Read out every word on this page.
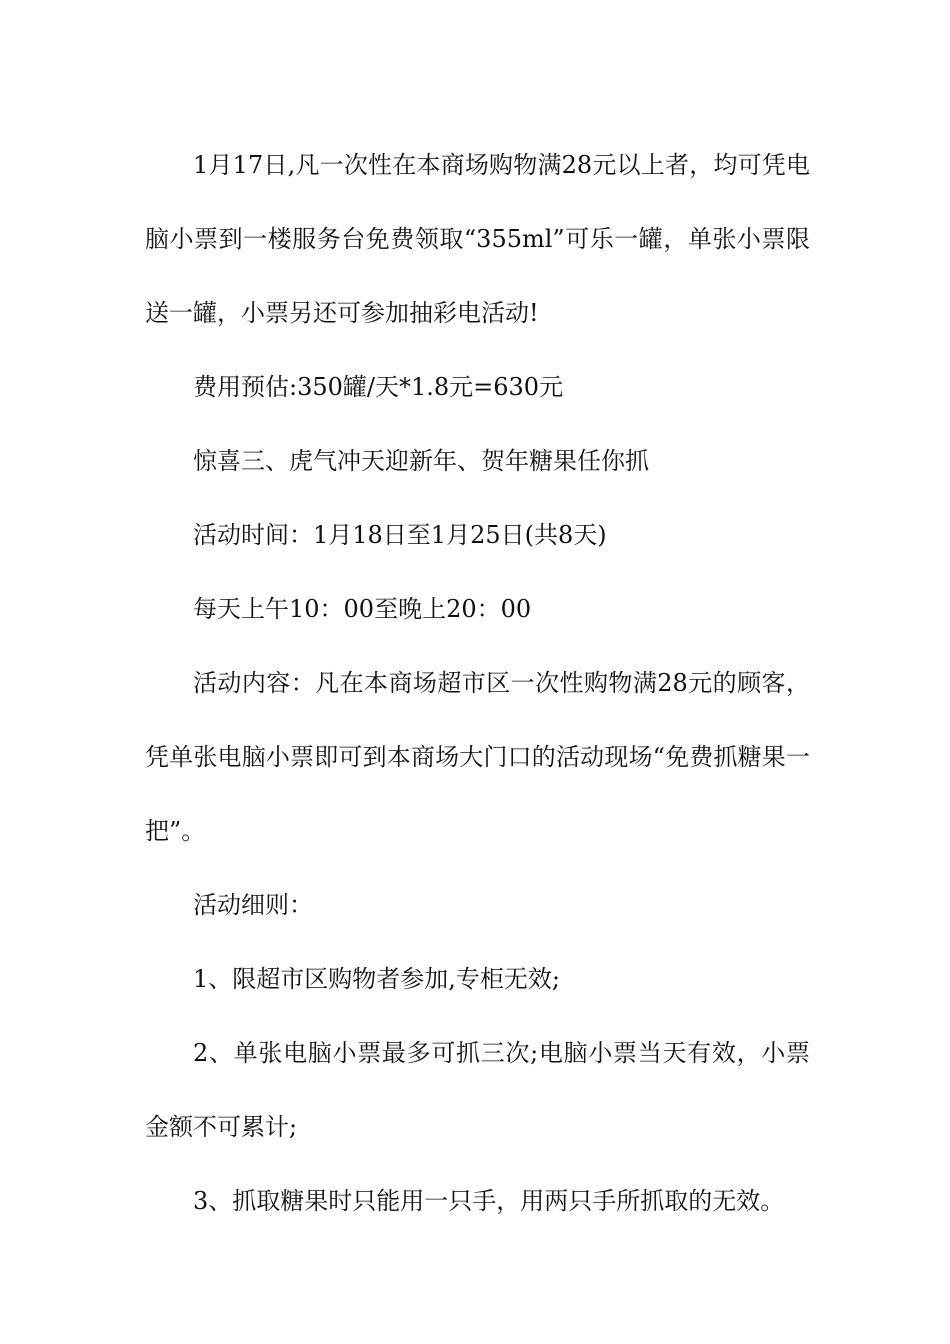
1月17日,凡一次性在本商场购物满28元以上者，均可凭电脑小票到一楼服务台免费领取“355ml”可乐一罐，单张小票限送一罐，小票另还可参加抽彩电活动!

费用预估:350罐/天*1.8元=630元

惊喜三、虎气冲天迎新年、贺年糖果任你抓

活动时间：1月18日至1月25日(共8天)

每天上午10：00至晚上20：00

活动内容：凡在本商场超市区一次性购物满28元的顾客，凭单张电脑小票即可到本商场大门口的活动现场“免费抓糖果一把”。

活动细则：

1、限超市区购物者参加,专柜无效;

2、单张电脑小票最多可抓三次;电脑小票当天有效，小票金额不可累计;

3、抓取糖果时只能用一只手，用两只手所抓取的无效。
